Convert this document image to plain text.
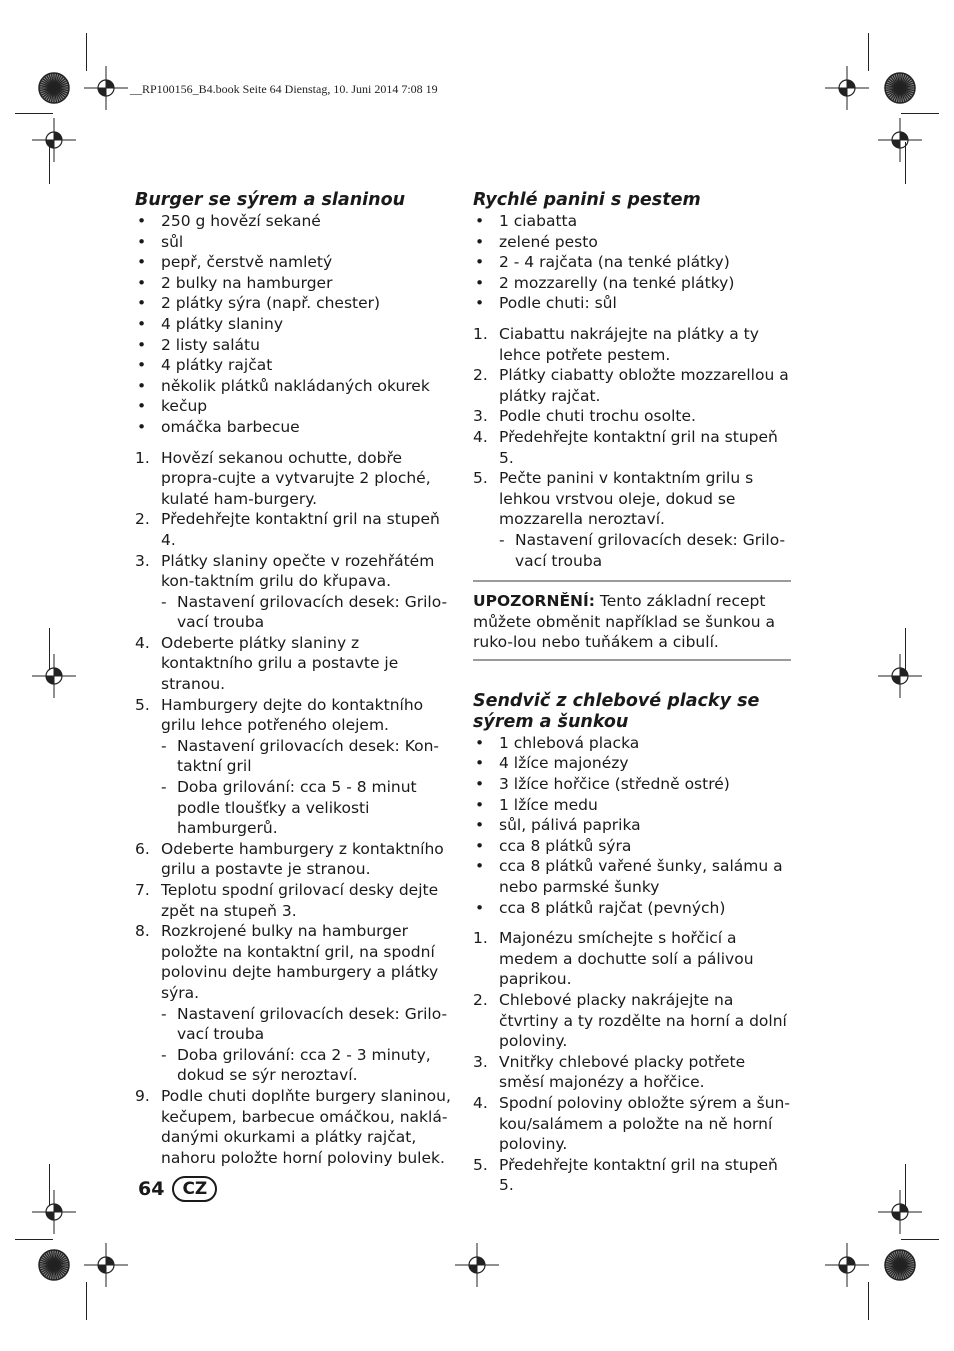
__RP100156_B4.book Seite 64 Dienstag, 10. Juni 2014 7:08 19
Burger se sýrem a slaninou
• 250 g hovězí sekané
• sůl
• pepř, čerstvě namletý
• 2 bulky na hamburger
• 2 plátky sýra (např. chester)
• 4 plátky slaniny
• 2 listy salátu
• 4 plátky rajčat
• několik plátků nakládaných okurek
• kečup
• omáčka barbecue
1. Hovězí sekanou ochutte, dobře propra-cujte a vytvarujte 2 ploché, kulaté ham-burgery.
2. Předehřejte kontaktní gril na stupeň 4.
3. Plátky slaniny opečte v rozehřátém kon-taktním grilu do křupava.
- Nastavení grilovacích desek: Grilo-vací trouba
4. Odeberte plátky slaniny z kontaktního grilu a postavte je stranou.
5. Hamburgery dejte do kontaktního grilu lehce potřeného olejem.
- Nastavení grilovacích desek: Kon-taktní gril
- Doba grilování: cca 5 - 8 minut podle tloušťky a velikosti hamburgerů.
6. Odeberte hamburgery z kontaktního grilu a postavte je stranou.
7. Teplotu spodní grilovací desky dejte zpět na stupeň 3.
8. Rozkrojené bulky na hamburger položte na kontaktní gril, na spodní polovinu dejte hamburgery a plátky sýra.
- Nastavení grilovacích desek: Grilo-vací trouba
- Doba grilování: cca 2 - 3 minuty, dokud se sýr neroztaví.
9. Podle chuti doplňte burgery slaninou, kečupem, barbecue omáčkou, naklá-danými okurkami a plátky rajčat, nahoru položte horní poloviny bulek.
Rychlé panini s pestem
• 1 ciabatta
• zelené pesto
• 2 - 4 rajčata (na tenké plátky)
• 2 mozzarelly (na tenké plátky)
• Podle chuti: sůl
1. Ciabattu nakrájejte na plátky a ty lehce potřete pestem.
2. Plátky ciabatty obložte mozzarellou a plátky rajčat.
3. Podle chuti trochu osolte.
4. Předehřejte kontaktní gril na stupeň 5.
5. Pečte panini v kontaktním grilu s lehkou vrstvou oleje, dokud se mozzarella neroztaví.
- Nastavení grilovacích desek: Grilo-vací trouba
UPOZORNĚNÍ: Tento základní recept můžete obměnit například se šunkou a ruko-lou nebo tuňákem a cibulí.
Sendvič z chlebové placky se sýrem a šunkou
• 1 chlebová placka
• 4 lžíce majonézy
• 3 lžíce hořčice (středně ostré)
• 1 lžíce medu
• sůl, pálivá paprika
• cca 8 plátků sýra
• cca 8 plátků vařené šunky, salámu a nebo parmské šunky
• cca 8 plátků rajčat (pevných)
1. Majonézu smíchejte s hořčicí a medem a dochutte solí a pálivou paprikou.
2. Chlebové placky nakrájejte na čtvrtiny a ty rozdělte na horní a dolní poloviny.
3. Vnitřky chlebové placky potřete směsí majonézy a hořčice.
4. Spodní poloviny obložte sýrem a šun-kou/salámem a položte na ně horní poloviny.
5. Předehřejte kontaktní gril na stupeň 5.
64	CZ
